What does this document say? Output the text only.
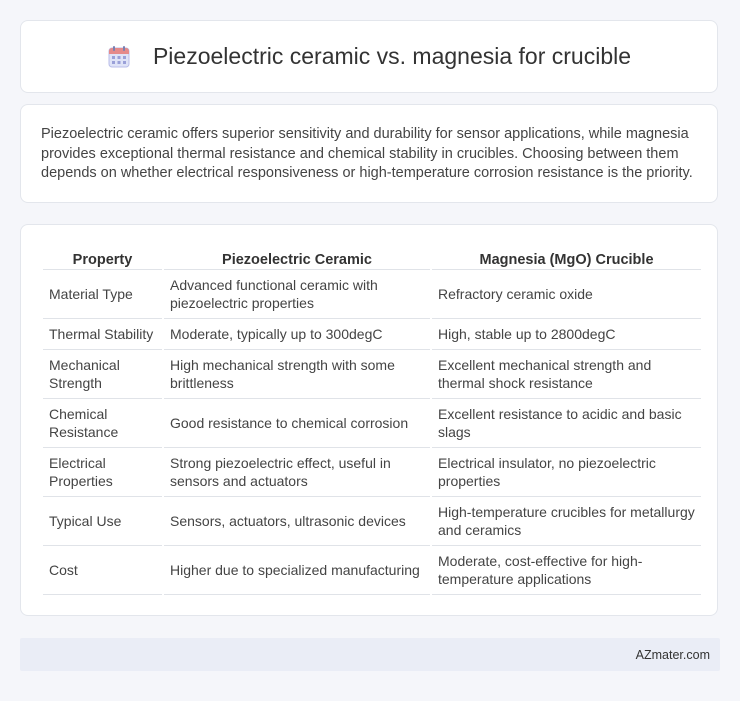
Piezoelectric ceramic vs. magnesia for crucible

Piezoelectric ceramic offers superior sensitivity and durability for sensor applications, while magnesia provides exceptional thermal resistance and chemical stability in crucibles. Choosing between them depends on whether electrical responsiveness or high-temperature corrosion resistance is the priority.

Property	Piezoelectric Ceramic	Magnesia (MgO) Crucible
Material Type	Advanced functional ceramic with piezoelectric properties	Refractory ceramic oxide
Thermal Stability	Moderate, typically up to 300degC	High, stable up to 2800degC
Mechanical Strength	High mechanical strength with some brittleness	Excellent mechanical strength and thermal shock resistance
Chemical Resistance	Good resistance to chemical corrosion	Excellent resistance to acidic and basic slags
Electrical Properties	Strong piezoelectric effect, useful in sensors and actuators	Electrical insulator, no piezoelectric properties
Typical Use	Sensors, actuators, ultrasonic devices	High-temperature crucibles for metallurgy and ceramics
Cost	Higher due to specialized manufacturing	Moderate, cost-effective for high-temperature applications
AZmater.com
